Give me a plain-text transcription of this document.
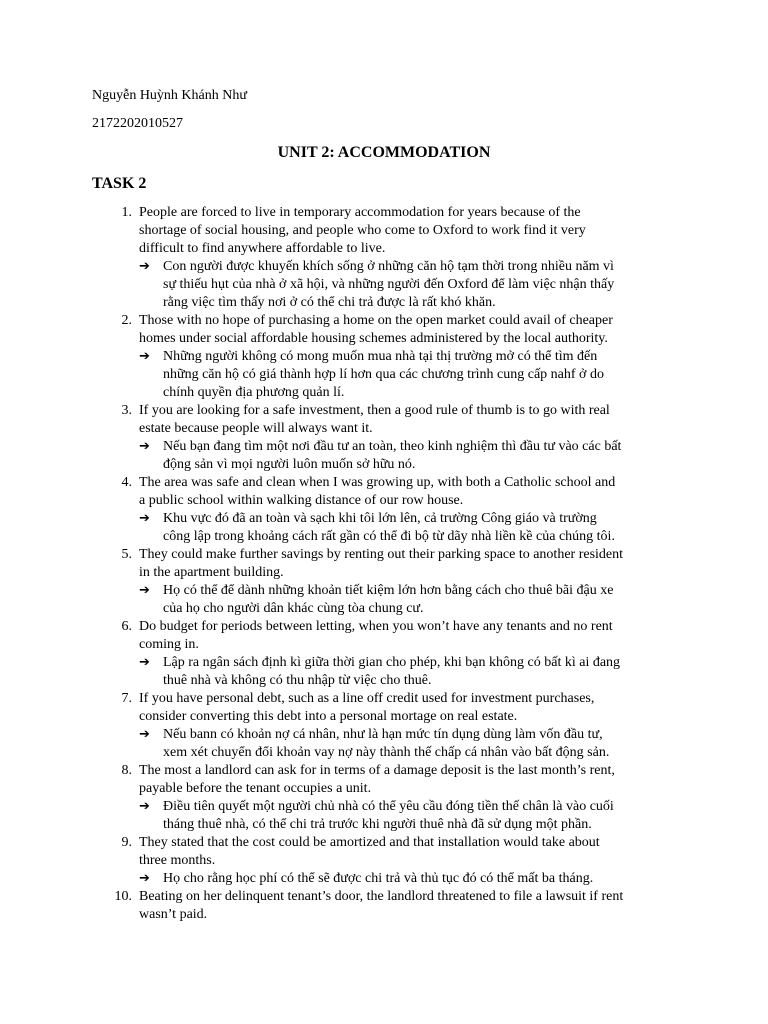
Nguyễn Huỳnh Khánh Như
2172202010527
UNIT 2: ACCOMMODATION
TASK 2
1. People are forced to live in temporary accommodation for years because of the
shortage of social housing, and people who come to Oxford to work find it very
difficult to find anywhere affordable to live.
➔ Con người được khuyến khích sống ở những căn hộ tạm thời trong nhiều năm vì
sự thiếu hụt của nhà ở xã hội, và những người đến Oxford để làm việc nhận thấy
rằng việc tìm thấy nơi ở có thể chi trả được là rất khó khăn.
2. Those with no hope of purchasing a home on the open market could avail of cheaper
homes under social affordable housing schemes administered by the local authority.
➔ Những người không có mong muốn mua nhà tại thị trường mở có thể tìm đến
những căn hộ có giá thành hợp lí hơn qua các chương trình cung cấp nahf ở do
chính quyền địa phương quản lí.
3. If you are looking for a safe investment, then a good rule of thumb is to go with real
estate because people will always want it.
➔ Nếu bạn đang tìm một nơi đầu tư an toàn, theo kinh nghiệm thì đầu tư vào các bất
động sản vì mọi người luôn muốn sở hữu nó.
4. The area was safe and clean when I was growing up, with both a Catholic school and
a public school within walking distance of our row house.
➔ Khu vực đó đã an toàn và sạch khi tôi lớn lên, cả trường Công giáo và trường
công lập trong khoảng cách rất gần có thể đi bộ từ dãy nhà liền kề của chúng tôi.
5. They could make further savings by renting out their parking space to another resident
in the apartment building.
➔ Họ có thể để dành những khoản tiết kiệm lớn hơn bằng cách cho thuê bãi đậu xe
của họ cho người dân khác cùng tòa chung cư.
6. Do budget for periods between letting, when you won’t have any tenants and no rent
coming in.
➔ Lập ra ngân sách định kì giữa thời gian cho phép, khi bạn không có bất kì ai đang
thuê nhà và không có thu nhập từ việc cho thuê.
7. If you have personal debt, such as a line off credit used for investment purchases,
consider converting this debt into a personal mortage on real estate.
➔ Nếu bann có khoản nợ cá nhân, như là hạn mức tín dụng dùng làm vốn đầu tư,
xem xét chuyển đổi khoản vay nợ này thành thế chấp cá nhân vào bất động sản.
8. The most a landlord can ask for in terms of a damage deposit is the last month’s rent,
payable before the tenant occupies a unit.
➔ Điều tiên quyết một người chủ nhà có thể yêu cầu đóng tiền thế chân là vào cuối
tháng thuê nhà, có thể chi trả trước khi người thuê nhà đã sử dụng một phần.
9. They stated that the cost could be amortized and that installation would take about
three months.
➔ Họ cho rằng học phí có thể sẽ được chi trả và thủ tục đó có thể mất ba tháng.
10. Beating on her delinquent tenant’s door, the landlord threatened to file a lawsuit if rent
wasn’t paid.
